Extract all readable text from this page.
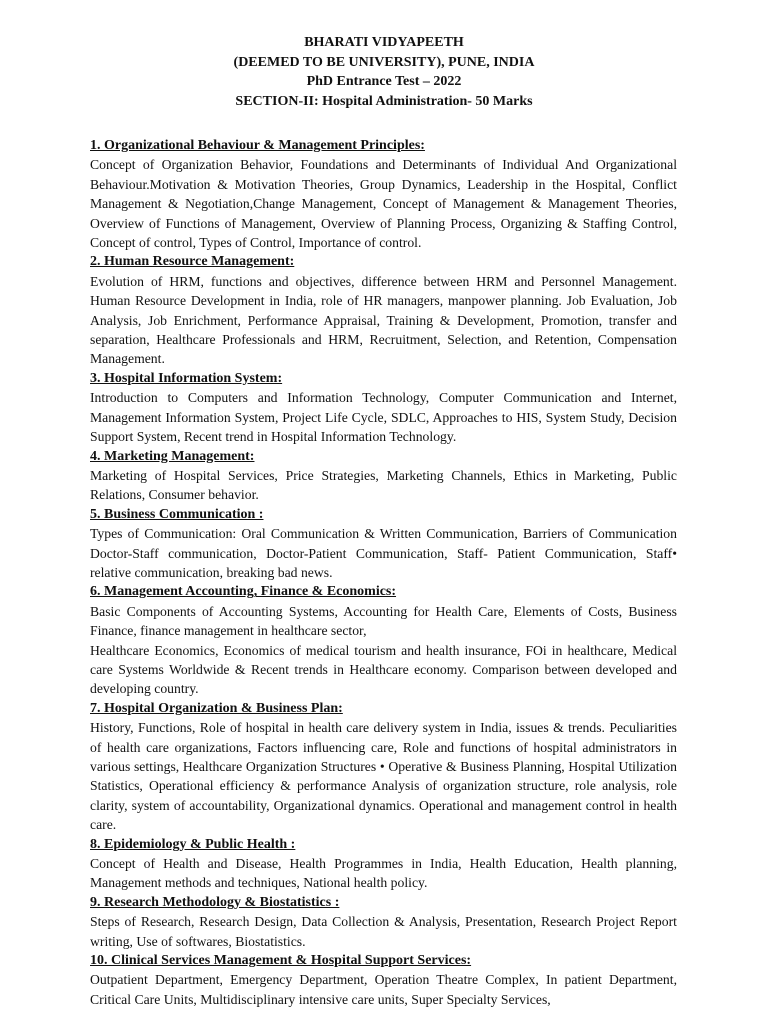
BHARATI VIDYAPEETH
(DEEMED TO BE UNIVERSITY), PUNE, INDIA
PhD Entrance Test – 2022
SECTION-II: Hospital Administration- 50 Marks
1. Organizational Behaviour & Management Principles:
Concept of Organization Behavior, Foundations and Determinants of Individual And Organizational Behaviour.Motivation & Motivation Theories, Group Dynamics, Leadership in the Hospital, Conflict Management & Negotiation,Change Management, Concept of Management & Management Theories, Overview of Functions of Management, Overview of Planning Process, Organizing & Staffing Control, Concept of control, Types of Control, Importance of control.
2. Human Resource Management:
Evolution of HRM, functions and objectives, difference between HRM and Personnel Management. Human Resource Development in India, role of HR managers, manpower planning. Job Evaluation, Job Analysis, Job Enrichment, Performance Appraisal, Training & Development, Promotion, transfer and separation, Healthcare Professionals and HRM, Recruitment, Selection, and Retention, Compensation Management.
3. Hospital Information System:
Introduction to Computers and Information Technology, Computer Communication and Internet, Management Information System, Project Life Cycle, SDLC, Approaches to HIS, System Study, Decision Support System, Recent trend in Hospital Information Technology.
4. Marketing Management:
Marketing of Hospital Services, Price Strategies, Marketing Channels, Ethics in Marketing, Public Relations, Consumer behavior.
5. Business Communication :
Types of Communication: Oral Communication & Written Communication, Barriers of Communication Doctor-Staff communication, Doctor-Patient Communication, Staff- Patient Communication, Staff• relative communication, breaking bad news.
6. Management Accounting, Finance & Economics:
Basic Components of Accounting Systems, Accounting for Health Care, Elements of Costs, Business Finance, finance management in healthcare sector,
Healthcare Economics, Economics of medical tourism and health insurance, FOi in healthcare, Medical care Systems Worldwide & Recent trends in Healthcare economy. Comparison between developed and developing country.
7. Hospital Organization & Business Plan:
History, Functions, Role of hospital in health care delivery system in India, issues & trends. Peculiarities of health care organizations, Factors influencing care, Role and functions of hospital administrators in various settings, Healthcare Organization Structures • Operative & Business Planning, Hospital Utilization Statistics, Operational efficiency & performance Analysis of organization structure, role analysis, role clarity, system of accountability, Organizational dynamics. Operational and management control in health care.
8. Epidemiology & Public Health :
Concept of Health and Disease, Health Programmes in India, Health Education, Health planning, Management methods and techniques, National health policy.
9. Research Methodology & Biostatistics :
Steps of Research, Research Design, Data Collection & Analysis, Presentation, Research Project Report writing, Use of softwares, Biostatistics.
10. Clinical Services Management & Hospital Support Services:
Outpatient Department, Emergency Department, Operation Theatre Complex, In patient Department, Critical Care Units, Multidisciplinary intensive care units, Super Specialty Services,
